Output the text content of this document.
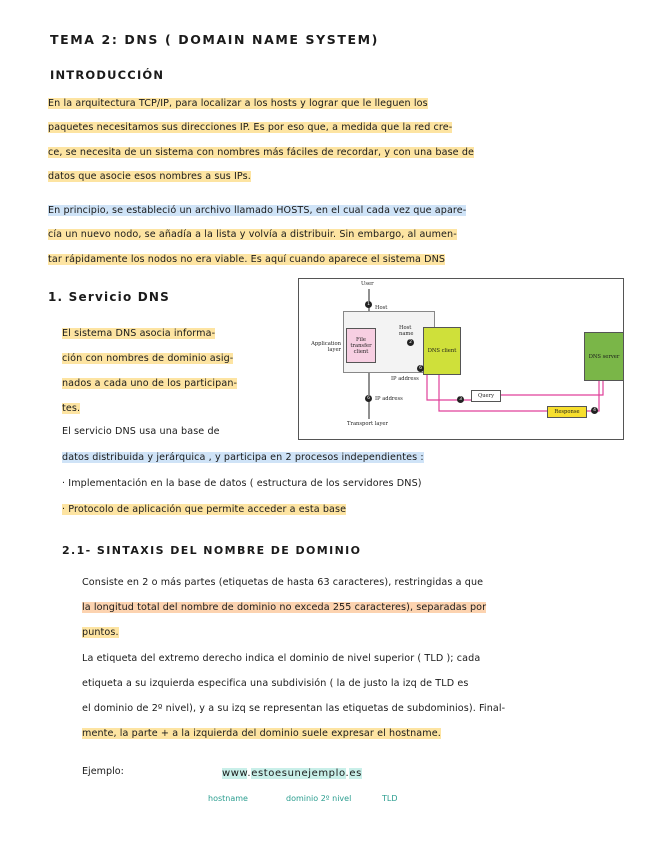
TEMA 2: DNS ( DOMAIN NAME SYSTEM)
INTRODUCCIÓN
En la arquitectura TCP/IP, para localizar a los hosts y lograr que le lleguen los
paquetes necesitamos sus direcciones IP. Es por eso que, a medida que la red cre-
ce, se necesita de un sistema con nombres más fáciles de recordar, y con una base de
datos que asocie esos nombres a sus IPs.
En principio, se estableció un archivo llamado HOSTS, en el cual cada vez que apare-
cía un nuevo nodo, se añadía a la lista y volvía a distribuir. Sin embargo, al aumen-
tar rápidamente los nodos no era viable. Es aquí cuando aparece el sistema DNS
1. Servicio DNS
El sistema DNS asocia informa-
ción con nombres de dominio asig-
nados a cada uno de los participan-
tes.
El servicio DNS usa una base de
datos distribuida y jerárquica , y participa en 2 procesos independientes :
· Implementación en la base de datos ( estructura de los servidores DNS)
· Protocolo de aplicación que permite acceder a esta base
User
1
Host
Application layer
File transfer client
Host name
2
DNS client
6
IP address
6 IP address	3
Query
Response	4
DNS server
Transport layer
2.1- SINTAXIS DEL NOMBRE DE DOMINIO
Consiste en 2 o más partes (etiquetas de hasta 63 caracteres), restringidas a que
la longitud total del nombre de dominio no exceda 255 caracteres), separadas por
puntos.
La etiqueta del extremo derecho indica el dominio de nivel superior ( TLD ); cada
etiqueta a su izquierda especifica una subdivisión ( la de justo la izq de TLD es
el dominio de 2º nivel), y a su izq se representan las etiquetas de subdominios). Final-
mente, la parte + a la izquierda del dominio suele expresar el hostname.
Ejemplo:	www.estoesunejemplo.es
hostname	dominio 2º nivel	TLD
